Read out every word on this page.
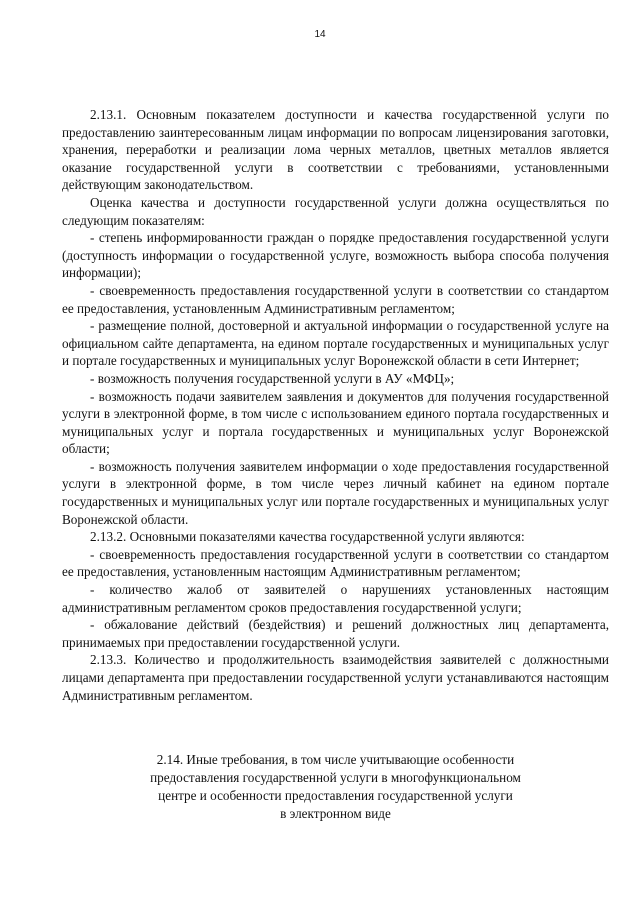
14

2.13.1. Основным показателем доступности и качества государственной услуги по предоставлению заинтересованным лицам информации по вопросам лицензирования заготовки, хранения, переработки и реализации лома черных металлов, цветных металлов является оказание государственной услуги в соответствии с требованиями, установленными действующим законодательством.

Оценка качества и доступности государственной услуги должна осуществляться по следующим показателям:

- степень информированности граждан о порядке предоставления государственной услуги (доступность информации о государственной услуге, возможность выбора способа получения информации);

- своевременность предоставления государственной услуги в соответствии со стандартом ее предоставления, установленным Административным регламентом;

- размещение полной, достоверной и актуальной информации о государственной услуге на официальном сайте департамента, на едином портале государственных и муниципальных услуг и портале государственных и муниципальных услуг Воронежской области в сети Интернет;

- возможность получения государственной услуги в АУ «МФЦ»;

- возможность подачи заявителем заявления и документов для получения государственной услуги в электронной форме, в том числе с использованием единого портала государственных и муниципальных услуг и портала государственных и муниципальных услуг Воронежской области;

- возможность получения заявителем информации о ходе предоставления государственной услуги в электронной форме, в том числе через личный кабинет на едином портале государственных и муниципальных услуг или портале государственных и муниципальных услуг Воронежской области.

2.13.2. Основными показателями качества государственной услуги являются:

- своевременность предоставления государственной услуги в соответствии со стандартом ее предоставления, установленным настоящим Административным регламентом;

- количество жалоб от заявителей о нарушениях установленных настоящим административным регламентом сроков предоставления государственной услуги;

- обжалование действий (бездействия) и решений должностных лиц департамента, принимаемых при предоставлении государственной услуги.

2.13.3. Количество и продолжительность взаимодействия заявителей с должностными лицами департамента при предоставлении государственной услуги устанавливаются настоящим Административным регламентом.

2.14. Иные требования, в том числе учитывающие особенности
предоставления государственной услуги в многофункциональном
центре и особенности предоставления государственной услуги
в электронном виде
